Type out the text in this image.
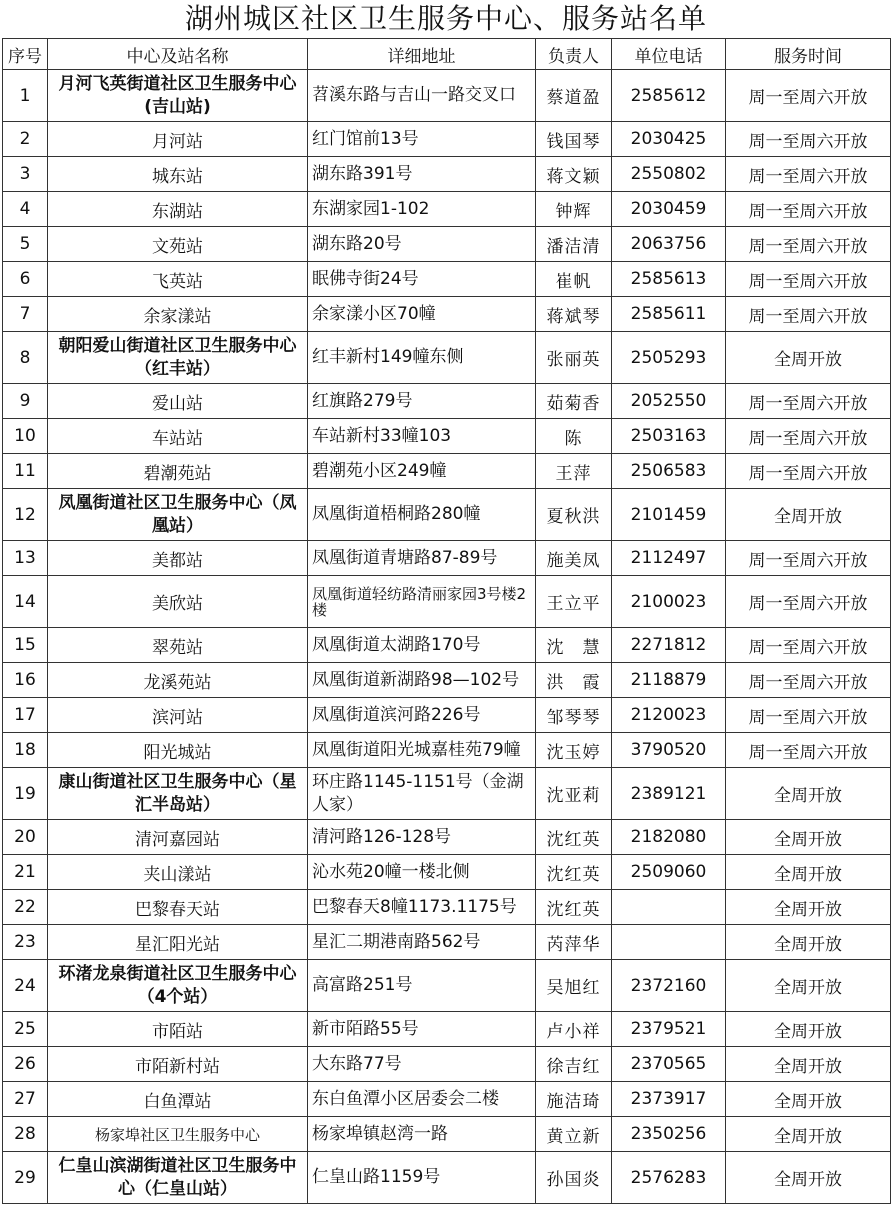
湖州城区社区卫生服务中心、服务站名单
序号	中心及站名称	详细地址	负责人	单位电话	服务时间
1	月河飞英街道社区卫生服务中心(吉山站)	苕溪东路与吉山一路交叉口	蔡道盈	2585612	周一至周六开放
2	月河站	红门馆前13号	钱国琴	2030425	周一至周六开放
3	城东站	湖东路391号	蒋文颖	2550802	周一至周六开放
4	东湖站	东湖家园1-102	钟辉	2030459	周一至周六开放
5	文苑站	湖东路20号	潘洁清	2063756	周一至周六开放
6	飞英站	眠佛寺街24号	崔帆	2585613	周一至周六开放
7	余家漾站	余家漾小区70幢	蒋斌琴	2585611	周一至周六开放
8	朝阳爱山街道社区卫生服务中心（红丰站）	红丰新村149幢东侧	张丽英	2505293	全周开放
9	爱山站	红旗路279号	茹菊香	2052550	周一至周六开放
10	车站站	车站新村33幢103	陈	2503163	周一至周六开放
11	碧潮苑站	碧潮苑小区249幢	王萍	2506583	周一至周六开放
12	凤凰街道社区卫生服务中心（凤凰站）	凤凰街道梧桐路280幢	夏秋洪	2101459	全周开放
13	美都站	凤凰街道青塘路87-89号	施美凤	2112497	周一至周六开放
14	美欣站	凤凰街道轻纺路清丽家园3号楼2楼	王立平	2100023	周一至周六开放
15	翠苑站	凤凰街道太湖路170号	沈　慧	2271812	周一至周六开放
16	龙溪苑站	凤凰街道新湖路98—102号	洪　霞	2118879	周一至周六开放
17	滨河站	凤凰街道滨河路226号	邹琴琴	2120023	周一至周六开放
18	阳光城站	凤凰街道阳光城嘉桂苑79幢	沈玉婷	3790520	周一至周六开放
19	康山街道社区卫生服务中心（星汇半岛站）	环庄路1145-1151号（金湖人家）	沈亚莉	2389121	全周开放
20	清河嘉园站	清河路126-128号	沈红英	2182080	全周开放
21	夹山漾站	沁水苑20幢一楼北侧	沈红英	2509060	全周开放
22	巴黎春天站	巴黎春天8幢1173.1175号	沈红英		全周开放
23	星汇阳光站	星汇二期港南路562号	芮萍华		全周开放
24	环渚龙泉街道社区卫生服务中心（4个站）	高富路251号	吴旭红	2372160	全周开放
25	市陌站	新市陌路55号	卢小祥	2379521	全周开放
26	市陌新村站	大东路77号	徐吉红	2370565	全周开放
27	白鱼潭站	东白鱼潭小区居委会二楼	施洁琦	2373917	全周开放
28	杨家埠社区卫生服务中心	杨家埠镇赵湾一路	黄立新	2350256	全周开放
29	仁皇山滨湖街道社区卫生服务中心（仁皇山站）	仁皇山路1159号	孙国炎	2576283	全周开放
